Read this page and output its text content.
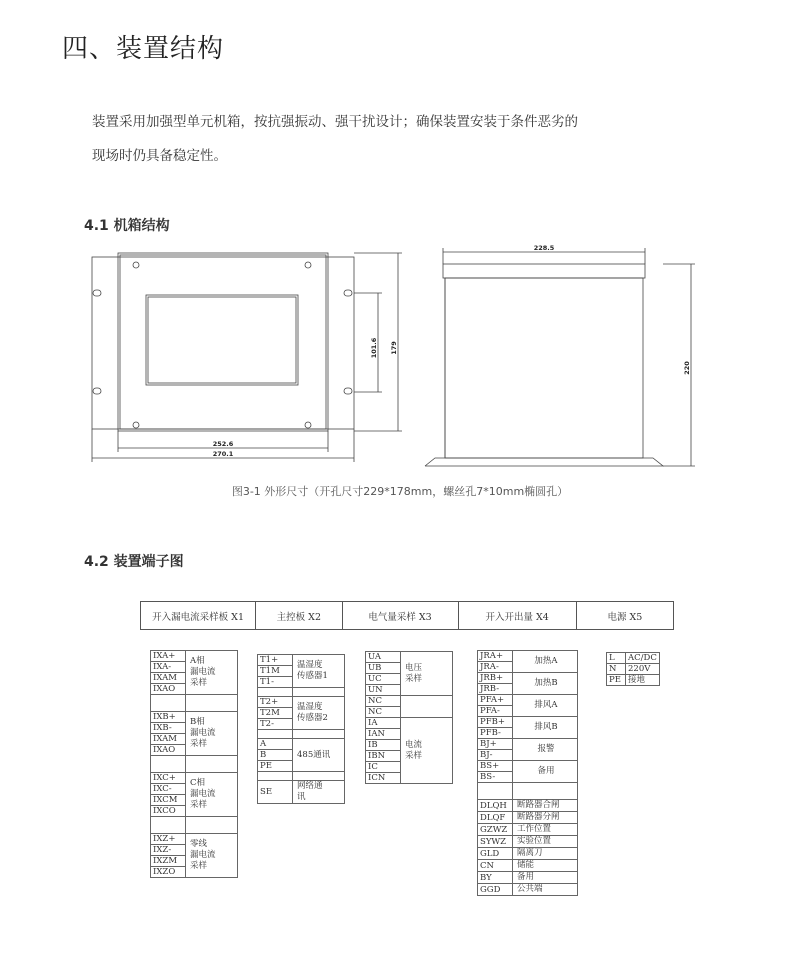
四、装置结构
装置采用加强型单元机箱，按抗强振动、强干扰设计；确保装置安装于条件恶劣的
现场时仍具备稳定性。
4.1 机箱结构
101.6 179
252.6
270.1
228.5
220
图3-1 外形尺寸（开孔尺寸229*178mm，螺丝孔7*10mm椭圆孔）
4.2 装置端子图
开入漏电流采样板 X1	主控板 X2	电气量采样 X3	开入开出量 X4	电源 X5
IXA+	A相
漏电流
采样

IXA-	
IXAM	
IXAO	

IXB+	B相
漏电流
采样

IXB-	
IXAM	
IXAO	

IXC+	C相
漏电流
采样

IXC-	
IXCM	
IXCO	

IXZ+	零线
漏电流
采样

IXZ-	
IXZM	
IXZO	
T1+	温湿度
传感器1

T1M	
T1-	

T2+	温湿度
传感器2

T2M	
T2-	

A	485通讯

B	
PE	

SE	网络通
讯
UA	电压
采样

UB	
UC	
UN	
NC	
NC	
IA	电流
采样

IAN	
IB	
IBN	
IC	
ICN	
JRA+	加热A
JRA-	
JRB+	加热B
JRB-	
PFA+	排风A
PFA-	
PFB+	排风B
PFB-	
BJ+	报警
BJ-	
BS+	备用
BS-	

DLQH	断路器合闸
DLQF	断路器分闸
GZWZ	工作位置
SYWZ	实验位置
GLD	隔离刀
CN	储能
BY	备用
GGD	公共端
L	AC/DC
N	220V
PE	接地
